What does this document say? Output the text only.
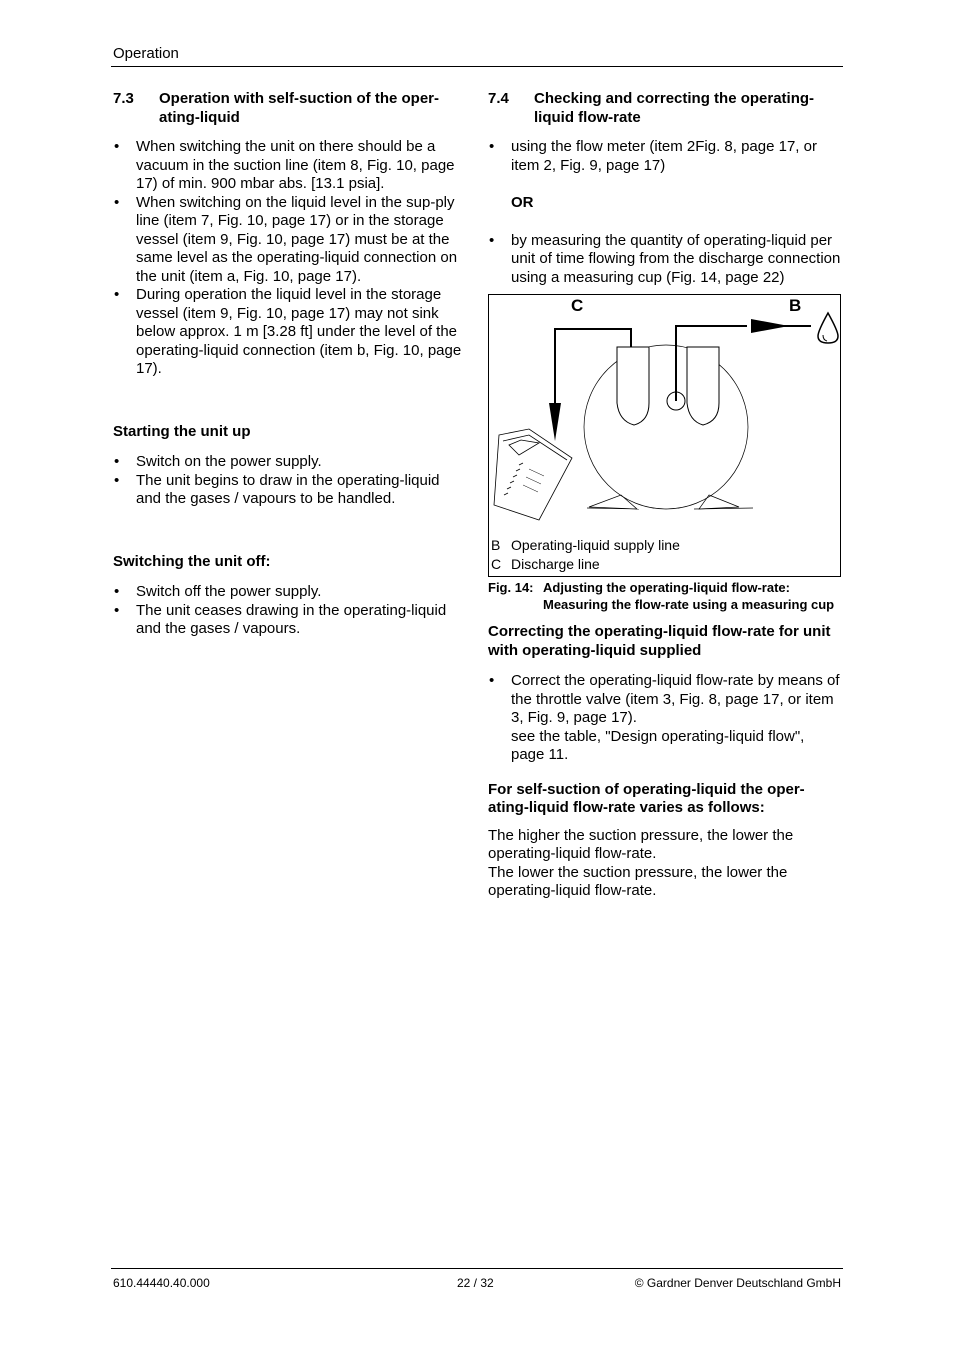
Operation
7.3	Operation with self-suction of the oper-ating-liquid
• When switching the unit on there should be a vacuum in the suction line (item 8, Fig. 10, page 17) of min. 900 mbar abs. [13.1 psia].
• When switching on the liquid level in the sup-ply line (item 7, Fig. 10, page 17) or in the storage vessel (item 9, Fig. 10, page 17) must be at the same level as the operating-liquid connection on the unit (item a, Fig. 10, page 17).
• During operation the liquid level in the storage vessel (item 9, Fig. 10, page 17) may not sink below approx. 1 m [3.28 ft] under the level of the operating-liquid connection (item b, Fig. 10, page 17).

Starting the unit up

• Switch on the power supply.
• The unit begins to draw in the operating-liquid and the gases / vapours to be handled.

Switching the unit off:

• Switch off the power supply.
• The unit ceases drawing in the operating-liquid and the gases / vapours.
7.4	Checking and correcting the operating-liquid flow-rate
• using the flow meter (item 2Fig. 8, page 17, or item 2, Fig. 9, page 17)

OR

• by measuring the quantity of operating-liquid per unit of time flowing from the discharge connection using a measuring cup (Fig. 14, page 22)
C	B
B Operating-liquid supply line
C Discharge line
Fig. 14: Adjusting the operating-liquid flow-rate: Measuring the flow-rate using a measuring cup

Correcting the operating-liquid flow-rate for unit with operating-liquid supplied

• Correct the operating-liquid flow-rate by means of the throttle valve (item 3, Fig. 8, page 17, or item 3, Fig. 9, page 17).
see the table, "Design operating-liquid flow", page 11.

For self-suction of operating-liquid the oper-ating-liquid flow-rate varies as follows:

The higher the suction pressure, the lower the operating-liquid flow-rate.

The lower the suction pressure, the lower the operating-liquid flow-rate.

610.44440.40.000	22 / 32	© Gardner Denver Deutschland GmbH
